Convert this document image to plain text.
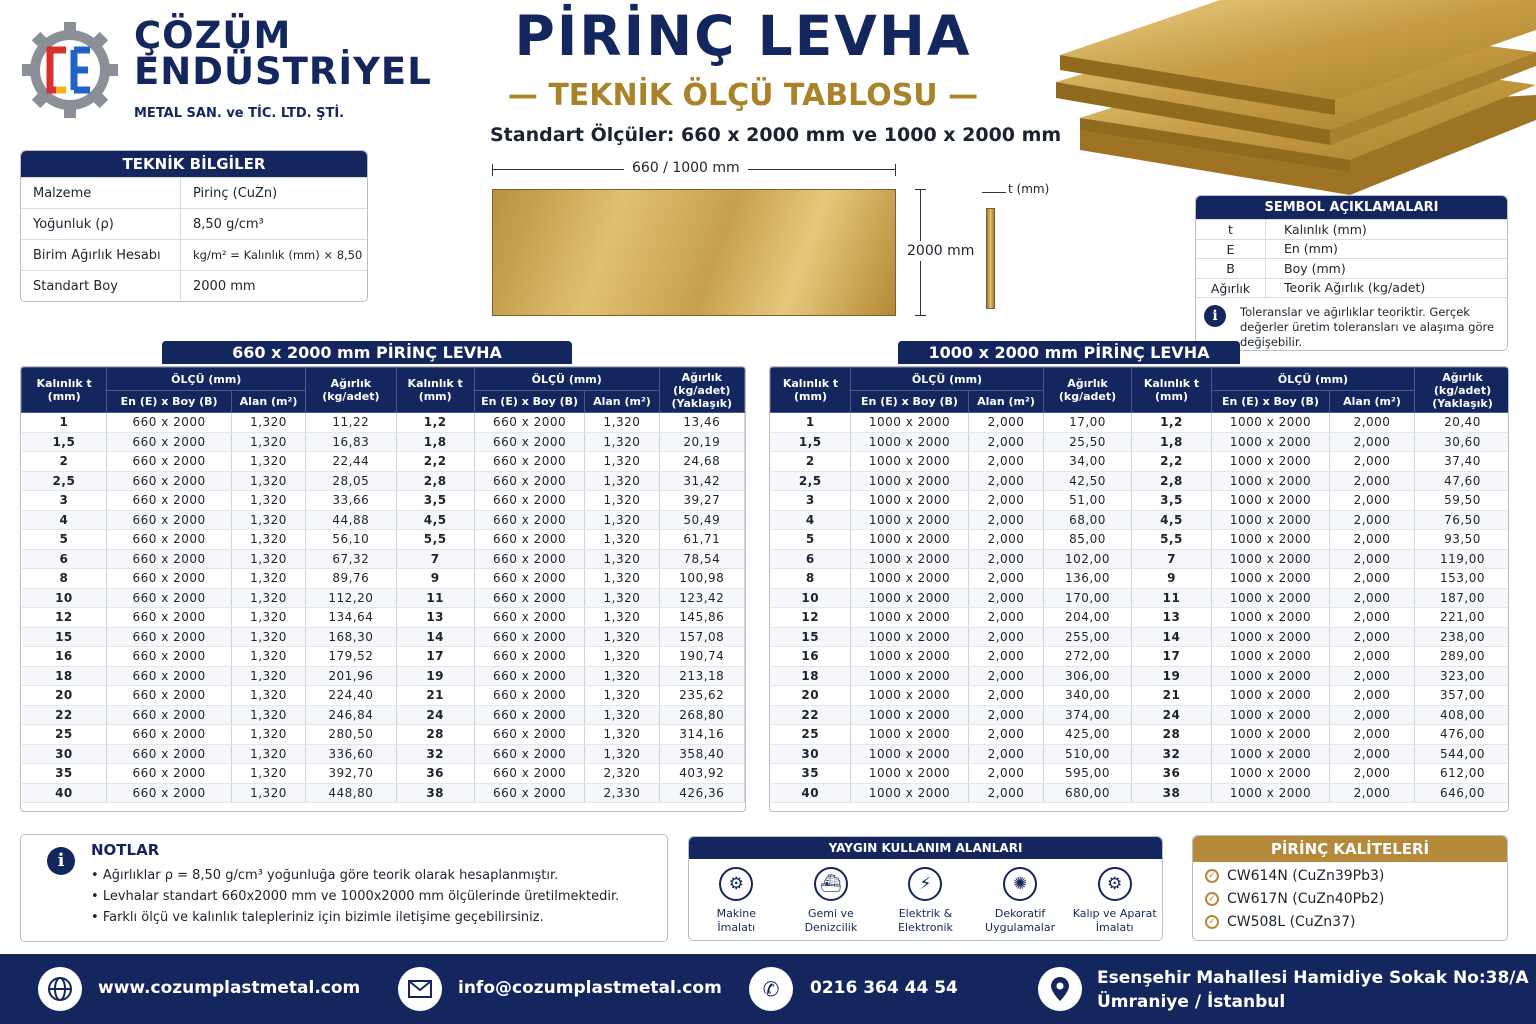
ÇÖZÜM
ENDÜSTRİYEL
METAL SAN. ve TİC. LTD. ŞTİ.
PİRİNÇ LEVHA
— TEKNİK ÖLÇÜ TABLOSU —
Standart Ölçüler: 660 x 2000 mm ve 1000 x 2000 mm
TEKNİK BİLGİLER
Malzeme	Pirinç (CuZn)
Yoğunluk (ρ)	8,50 g/cm³
Birim Ağırlık Hesabı	kg/m² = Kalınlık (mm) × 8,50
Standart Boy	2000 mm
660 / 1000 mm
2000 mm
t (mm)
SEMBOL AÇIKLAMALARI
t	Kalınlık (mm)
E	En (mm)
B	Boy (mm)
Ağırlık	Teorik Ağırlık (kg/adet)
i	Toleranslar ve ağırlıklar teoriktir. Gerçek değerler üretim toleransları ve alaşıma göre değişebilir.
660 x 2000 mm PİRİNÇ LEVHA
Kalınlık t (mm)	ÖLÇÜ (mm)		Ağırlık (kg/adet)	Kalınlık t (mm)	ÖLÇÜ (mm)		Ağırlık (kg/adet) (Yaklaşık)
	En (E) x Boy (B)	Alan (m²)			En (E) x Boy (B)	Alan (m²)	
1	660 x 2000	1,320	11,22	1,2	660 x 2000	1,320	13,46
1,5	660 x 2000	1,320	16,83	1,8	660 x 2000	1,320	20,19
2	660 x 2000	1,320	22,44	2,2	660 x 2000	1,320	24,68
2,5	660 x 2000	1,320	28,05	2,8	660 x 2000	1,320	31,42
3	660 x 2000	1,320	33,66	3,5	660 x 2000	1,320	39,27
4	660 x 2000	1,320	44,88	4,5	660 x 2000	1,320	50,49
5	660 x 2000	1,320	56,10	5,5	660 x 2000	1,320	61,71
6	660 x 2000	1,320	67,32	7	660 x 2000	1,320	78,54
8	660 x 2000	1,320	89,76	9	660 x 2000	1,320	100,98
10	660 x 2000	1,320	112,20	11	660 x 2000	1,320	123,42
12	660 x 2000	1,320	134,64	13	660 x 2000	1,320	145,86
15	660 x 2000	1,320	168,30	14	660 x 2000	1,320	157,08
16	660 x 2000	1,320	179,52	17	660 x 2000	1,320	190,74
18	660 x 2000	1,320	201,96	19	660 x 2000	1,320	213,18
20	660 x 2000	1,320	224,40	21	660 x 2000	1,320	235,62
22	660 x 2000	1,320	246,84	24	660 x 2000	1,320	268,80
25	660 x 2000	1,320	280,50	28	660 x 2000	1,320	314,16
30	660 x 2000	1,320	336,60	32	660 x 2000	1,320	358,40
35	660 x 2000	1,320	392,70	36	660 x 2000	2,320	403,92
40	660 x 2000	1,320	448,80	38	660 x 2000	2,330	426,36
1000 x 2000 mm PİRİNÇ LEVHA
Kalınlık t (mm)	ÖLÇÜ (mm)		Ağırlık (kg/adet)	Kalınlık t (mm)	ÖLÇÜ (mm)		Ağırlık (kg/adet) (Yaklaşık)
	En (E) x Boy (B)	Alan (m²)			En (E) x Boy (B)	Alan (m²)	
1	1000 x 2000	2,000	17,00	1,2	1000 x 2000	2,000	20,40
1,5	1000 x 2000	2,000	25,50	1,8	1000 x 2000	2,000	30,60
2	1000 x 2000	2,000	34,00	2,2	1000 x 2000	2,000	37,40
2,5	1000 x 2000	2,000	42,50	2,8	1000 x 2000	2,000	47,60
3	1000 x 2000	2,000	51,00	3,5	1000 x 2000	2,000	59,50
4	1000 x 2000	2,000	68,00	4,5	1000 x 2000	2,000	76,50
5	1000 x 2000	2,000	85,00	5,5	1000 x 2000	2,000	93,50
6	1000 x 2000	2,000	102,00	7	1000 x 2000	2,000	119,00
8	1000 x 2000	2,000	136,00	9	1000 x 2000	2,000	153,00
10	1000 x 2000	2,000	170,00	11	1000 x 2000	2,000	187,00
12	1000 x 2000	2,000	204,00	13	1000 x 2000	2,000	221,00
15	1000 x 2000	2,000	255,00	14	1000 x 2000	2,000	238,00
16	1000 x 2000	2,000	272,00	17	1000 x 2000	2,000	289,00
18	1000 x 2000	2,000	306,00	19	1000 x 2000	2,000	323,00
20	1000 x 2000	2,000	340,00	21	1000 x 2000	2,000	357,00
22	1000 x 2000	2,000	374,00	24	1000 x 2000	2,000	408,00
25	1000 x 2000	2,000	425,00	28	1000 x 2000	2,000	476,00
30	1000 x 2000	2,000	510,00	32	1000 x 2000	2,000	544,00
35	1000 x 2000	2,000	595,00	36	1000 x 2000	2,000	612,00
40	1000 x 2000	2,000	680,00	38	1000 x 2000	2,000	646,00
i	NOTLAR
• Ağırlıklar ρ = 8,50 g/cm³ yoğunluğa göre teorik olarak hesaplanmıştır.
• Levhalar standart 660x2000 mm ve 1000x2000 mm ölçülerinde üretilmektedir.
• Farklı ölçü ve kalınlık talepleriniz için bizimle iletişime geçebilirsiniz.
YAYGIN KULLANIM ALANLARI
⚙
Makine
İmalatı
⛴
Gemi ve
Denizcilik
⚡
Elektrik &
Elektronik
✺
Dekoratif
Uygulamalar
⚙
Kalıp ve Aparat
İmalatı
PİRİNÇ KALİTELERİ
✓ CW614N (CuZn39Pb3)
✓ CW617N (CuZn40Pb2)
✓ CW508L (CuZn37)
www.cozumplastmetal.com	info@cozumplastmetal.com	✆	0216 364 44 54	Esenşehir Mahallesi Hamidiye Sokak No:38/A
Ümraniye / İstanbul
